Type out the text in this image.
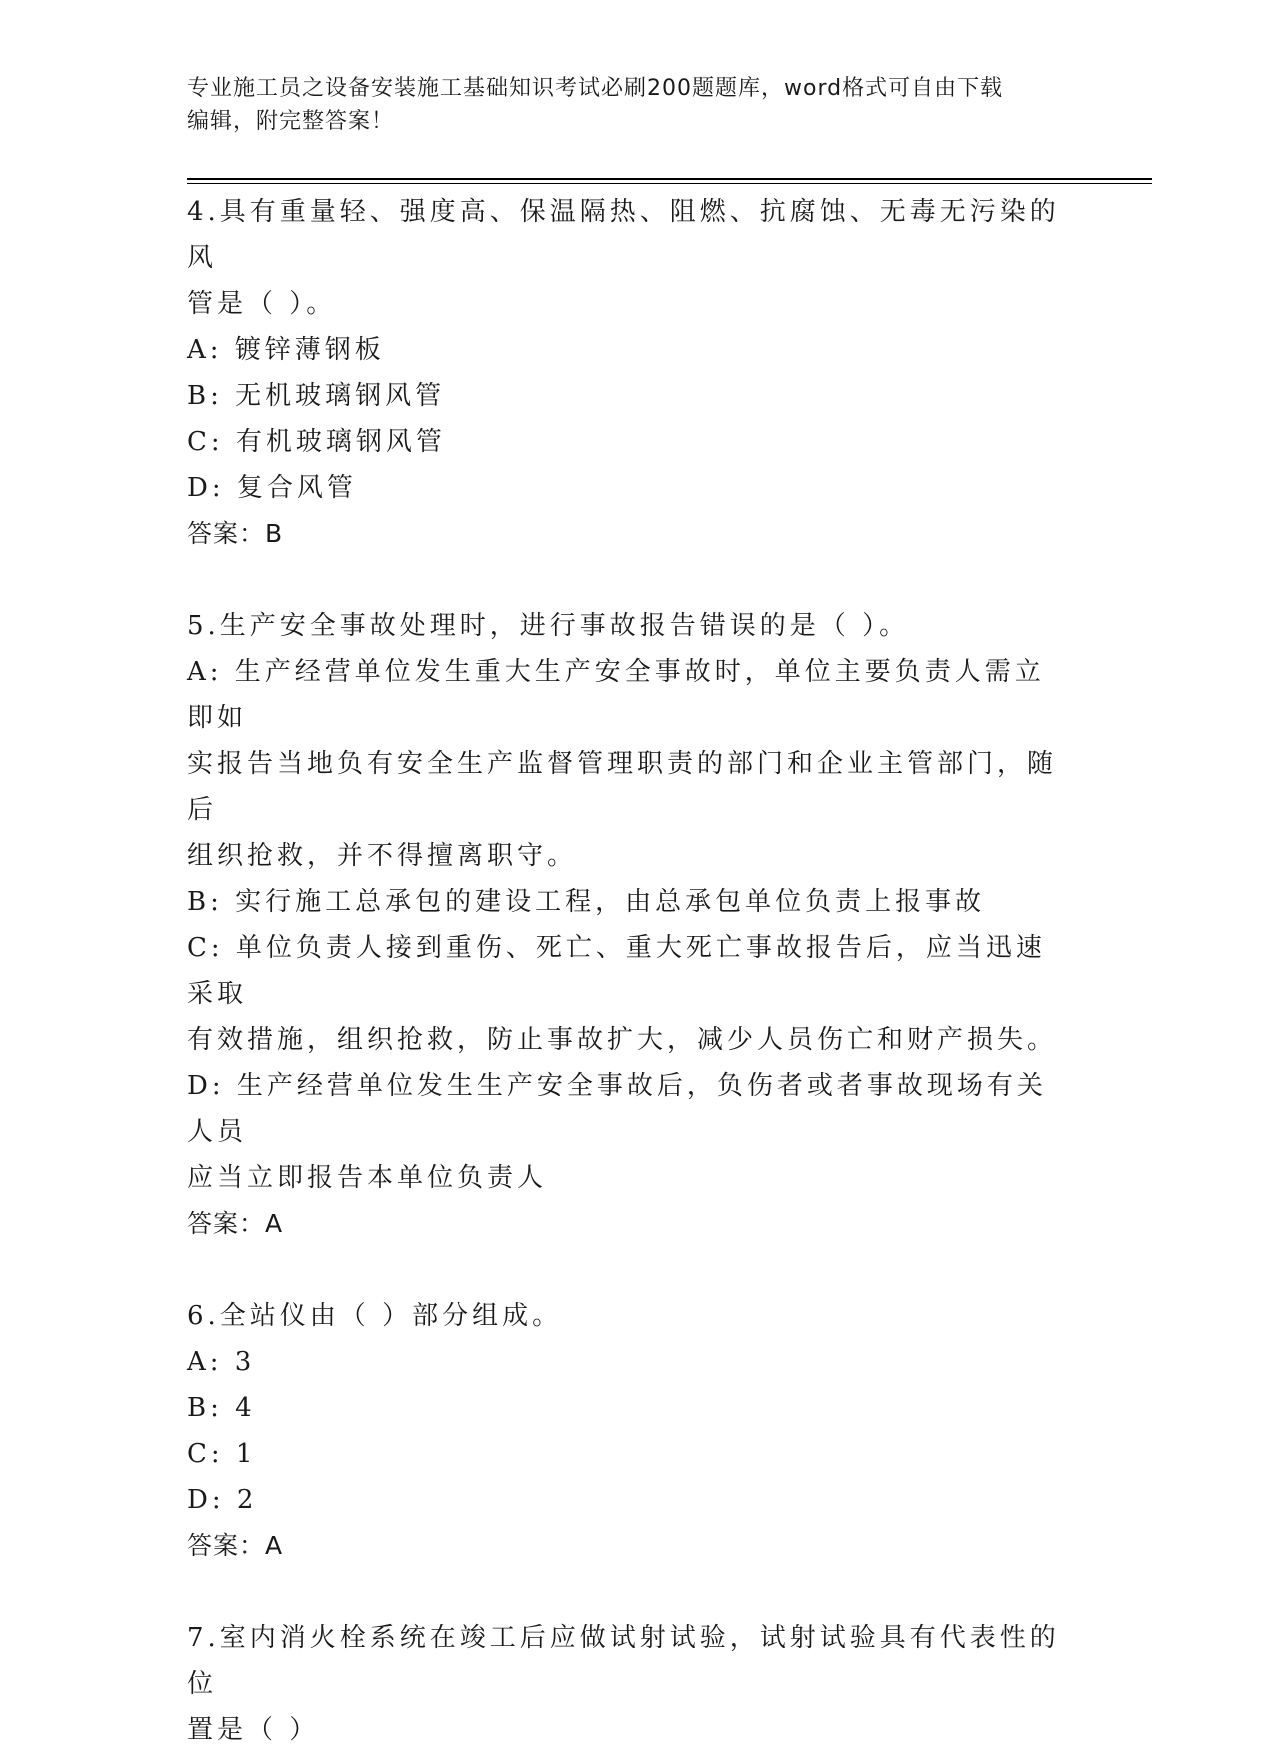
专业施工员之设备安装施工基础知识考试必刷200题题库，word格式可自由下载
编辑，附完整答案！
4.具有重量轻、强度高、保温隔热、阻燃、抗腐蚀、无毒无污染的风
管是（ ）。
A: 镀锌薄钢板
B: 无机玻璃钢风管
C: 有机玻璃钢风管
D: 复合风管
答案：B
5.生产安全事故处理时，进行事故报告错误的是（ ）。
A: 生产经营单位发生重大生产安全事故时，单位主要负责人需立即如
实报告当地负有安全生产监督管理职责的部门和企业主管部门，随后
组织抢救，并不得擅离职守。
B: 实行施工总承包的建设工程，由总承包单位负责上报事故
C: 单位负责人接到重伤、死亡、重大死亡事故报告后，应当迅速采取
有效措施，组织抢救，防止事故扩大，减少人员伤亡和财产损失。
D: 生产经营单位发生生产安全事故后，负伤者或者事故现场有关人员
应当立即报告本单位负责人
答案：A
6.全站仪由（ ）部分组成。
A: 3
B: 4
C: 1
D: 2
答案：A
7.室内消火栓系统在竣工后应做试射试验，试射试验具有代表性的位
置是（ ）
